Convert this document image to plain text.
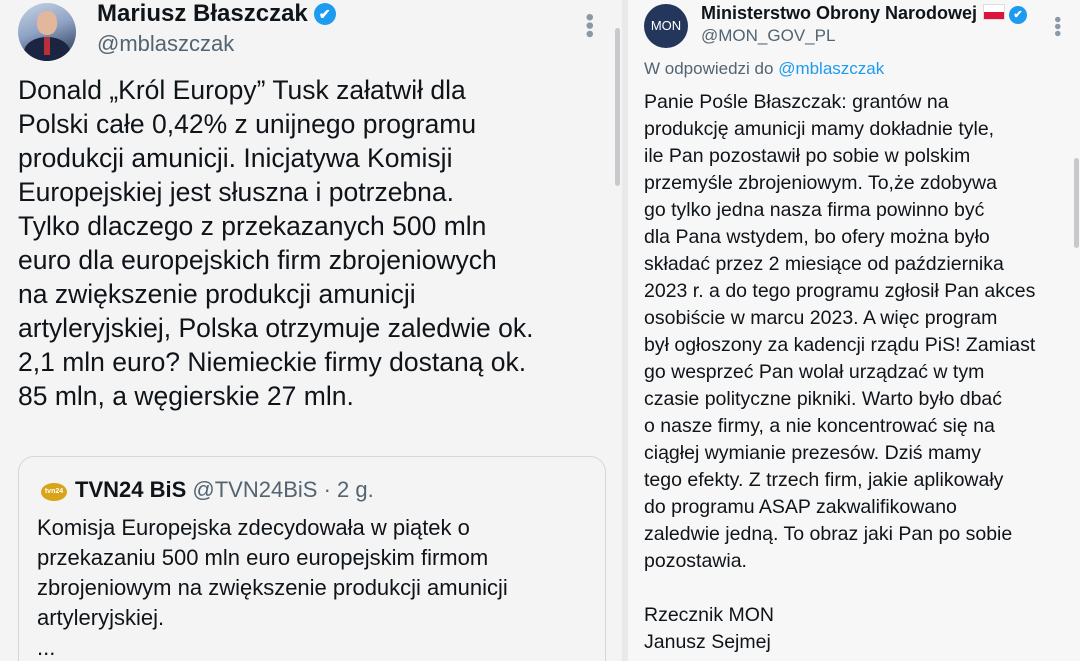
Mariusz Błaszczak ✔
@mblaszczak
•••
Donald „Król Europy” Tusk załatwił dla
Polski całe 0,42% z unijnego programu
produkcji amunicji. Inicjatywa Komisji
Europejskiej jest słuszna i potrzebna.
Tylko dlaczego z przekazanych 500 mln
euro dla europejskich firm zbrojeniowych
na zwiększenie produkcji amunicji
artyleryjskiej, Polska otrzymuje zaledwie ok.
2,1 mln euro? Niemieckie firmy dostaną ok.
85 mln, a węgierskie 27 mln.
tvn24 TVN24 BiS @TVN24BiS · 2 g.
Komisja Europejska zdecydowała w piątek o
przekazaniu 500 mln euro europejskim firmom
zbrojeniowym na zwiększenie produkcji amunicji
artyleryjskiej.
...
MON
Ministerstwo Obrony Narodowej	✔
@MON_GOV_PL	•••
W odpowiedzi do @mblaszczak
Panie Pośle Błaszczak: grantów na
produkcję amunicji mamy dokładnie tyle,
ile Pan pozostawił po sobie w polskim
przemyśle zbrojeniowym. To,że zdobywa
go tylko jedna nasza firma powinno być
dla Pana wstydem, bo ofery można było
składać przez 2 miesiące od października
2023 r. a do tego programu zgłosił Pan akces
osobiście w marcu 2023. A więc program
był ogłoszony za kadencji rządu PiS! Zamiast
go wesprzeć Pan wolał urządzać w tym
czasie polityczne pikniki. Warto było dbać
o nasze firmy, a nie koncentrować się na
ciągłej wymianie prezesów. Dziś mamy
tego efekty. Z trzech firm, jakie aplikowały
do programu ASAP zakwalifikowano
zaledwie jedną. To obraz jaki Pan po sobie
pozostawia.

Rzecznik MON
Janusz Sejmej
